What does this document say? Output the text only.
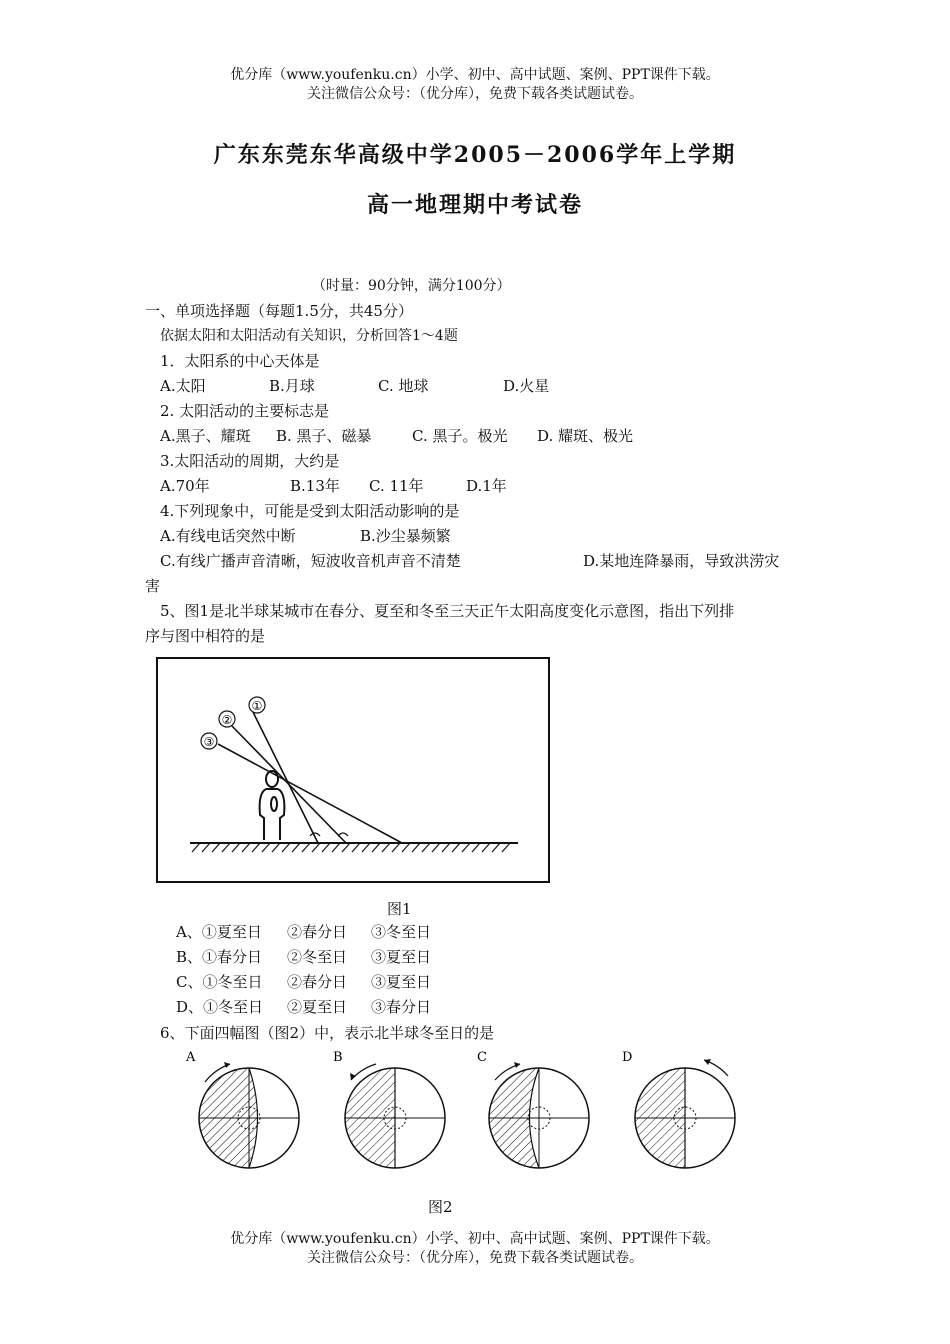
优分库（www.youfenku.cn）小学、初中、高中试题、案例、PPT课件下载。
关注微信公众号：（优分库），免费下载各类试题试卷。
广东东莞东华高级中学2005－2006学年上学期
高一地理期中考试卷
（时量：90分钟，满分100分）
一、单项选择题（每题1.5分，共45分）
依据太阳和太阳活动有关知识，分析回答1～4题
1．太阳系的中心天体是
A.太阳	B.月球	C. 地球	D.火星
2. 太阳活动的主要标志是
A.黑子、耀斑 B. 黑子、磁暴	C. 黑子。极光 D. 耀斑、极光
3.太阳活动的周期，大约是
A.70年	B.13年 C. 11年	D.1年
4.下列现象中，可能是受到太阳活动影响的是
A.有线电话突然中断	B.沙尘暴频繁
C.有线广播声音清晰，短波收音机声音不清楚	D.某地连降暴雨，导致洪涝灾
害
5、图1是北半球某城市在春分、夏至和冬至三天正午太阳高度变化示意图，指出下列排
序与图中相符的是
①
②
③
图1
A、①夏至日 ②春分日 ③冬至日
B、①春分日 ②冬至日 ③夏至日
C、①冬至日 ②春分日 ③夏至日
D、①冬至日 ②夏至日 ③春分日
6、下面四幅图（图2）中，表示北半球冬至日的是
A	B	C	D
图2
优分库（www.youfenku.cn）小学、初中、高中试题、案例、PPT课件下载。
关注微信公众号：（优分库），免费下载各类试题试卷。
